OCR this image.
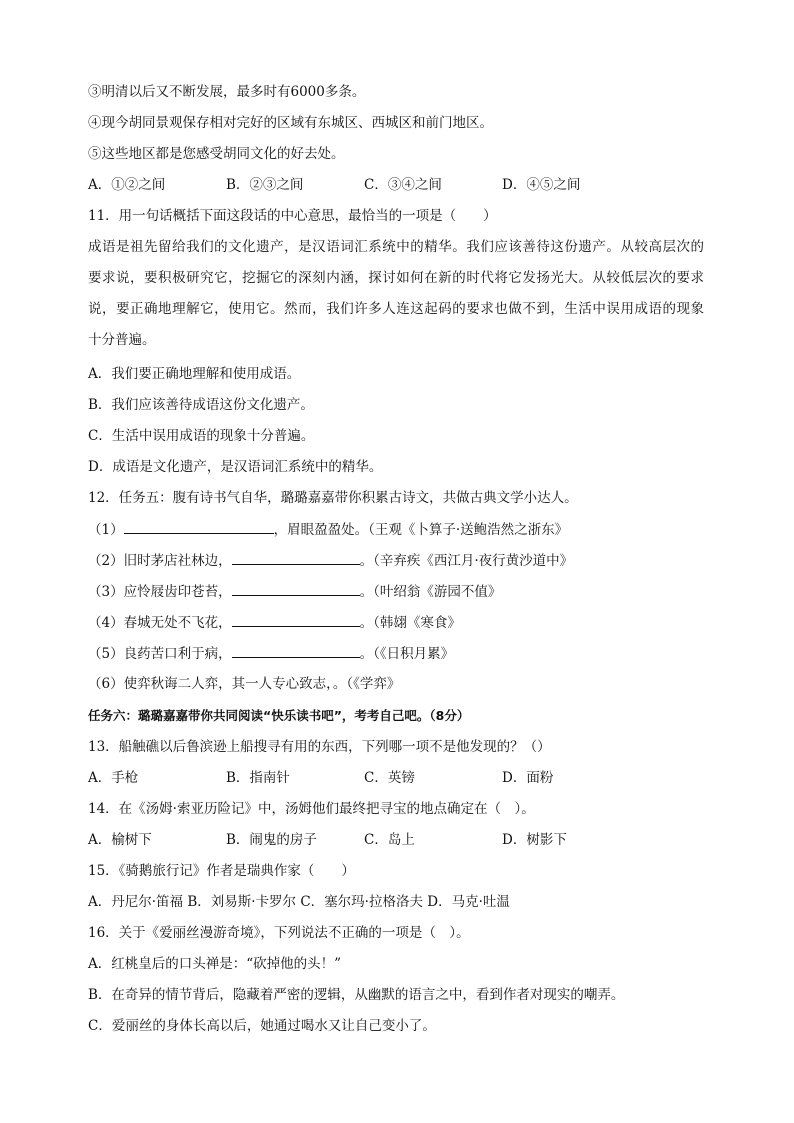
③明清以后又不断发展，最多时有6000多条。
④现今胡同景观保存相对完好的区域有东城区、西城区和前门地区。
⑤这些地区都是您感受胡同文化的好去处。
A．①②之间	B．②③之间	C．③④之间	D．④⑤之间
11．用一句话概括下面这段话的中心意思，最恰当的一项是（　　）
成语是祖先留给我们的文化遗产，是汉语词汇系统中的精华。我们应该善待这份遗产。从较高层次的
要求说，要积极研究它，挖掘它的深刻内涵，探讨如何在新的时代将它发扬光大。从较低层次的要求
说，要正确地理解它，使用它。然而，我们许多人连这起码的要求也做不到，生活中误用成语的现象
十分普遍。
A．我们要正确地理解和使用成语。
B．我们应该善待成语这份文化遗产。
C．生活中误用成语的现象十分普遍。
D．成语是文化遗产，是汉语词汇系统中的精华。
12．任务五：腹有诗书气自华，璐璐嘉嘉带你积累古诗文，共做古典文学小达人。
（1）	，眉眼盈盈处。（王观《卜算子·送鲍浩然之浙东》
（2）旧时茅店社林边，	。（辛弃疾《西江月·夜行黄沙道中》
（3）应怜屐齿印苍苔，	。（叶绍翁《游园不值》
（4）春城无处不飞花，	。（韩翃《寒食》
（5）良药苦口利于病，	。（《日积月累》
（6）使弈秋诲二人弈，其一人专心致志，。（《学弈》
任务六：璐璐嘉嘉带你共同阅读“快乐读书吧”，考考自己吧。（8分）
13．船触礁以后鲁滨逊上船搜寻有用的东西，下列哪一项不是他发现的？（）
A．手枪	B．指南针	C．英镑	D．面粉
14．在《汤姆·索亚历险记》中，汤姆他们最终把寻宝的地点确定在（　）。
A．榆树下	B．闹鬼的房子	C．岛上	D．树影下
15．《骑鹅旅行记》作者是瑞典作家（　　）
A．丹尼尔·笛福 B．刘易斯·卡罗尔 C．塞尔玛·拉格洛夫 D．马克·吐温
16．关于《爱丽丝漫游奇境》，下列说法不正确的一项是（　）。
A．红桃皇后的口头禅是：“砍掉他的头！”
B．在奇异的情节背后，隐藏着严密的逻辑，从幽默的语言之中，看到作者对现实的嘲弄。
C．爱丽丝的身体长高以后，她通过喝水又让自己变小了。
